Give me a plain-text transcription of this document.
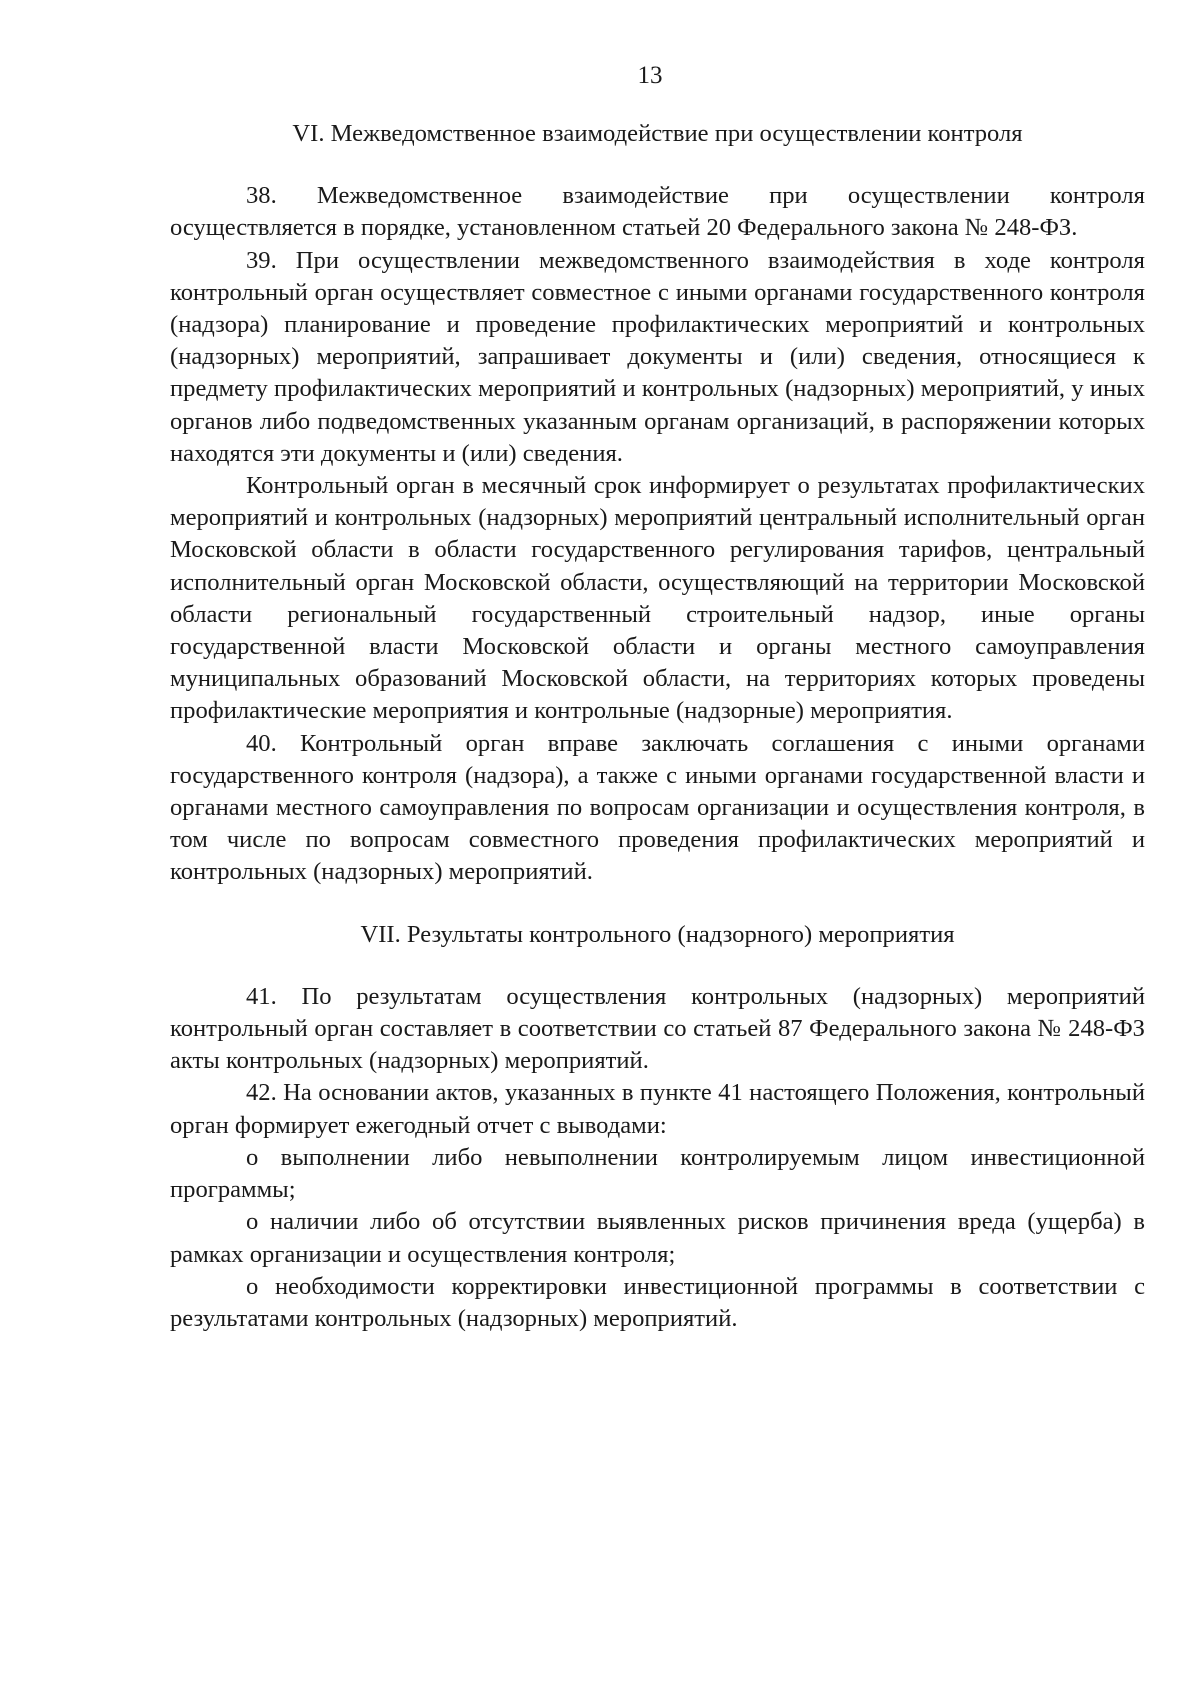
13
VI. Межведомственное взаимодействие при осуществлении контроля

38. Межведомственное взаимодействие при осуществлении контроля осуществляется в порядке, установленном статьей 20 Федерального закона № 248-ФЗ.

39. При осуществлении межведомственного взаимодействия в ходе контроля контрольный орган осуществляет совместное с иными органами государственного контроля (надзора) планирование и проведение профилактических мероприятий и контрольных (надзорных) мероприятий, запрашивает документы и (или) сведения, относящиеся к предмету профилактических мероприятий и контрольных (надзорных) мероприятий, у иных органов либо подведомственных указанным органам организаций, в распоряжении которых находятся эти документы и (или) сведения.

Контрольный орган в месячный срок информирует о результатах профилактических мероприятий и контрольных (надзорных) мероприятий центральный исполнительный орган Московской области в области государственного регулирования тарифов, центральный исполнительный орган Московской области, осуществляющий на территории Московской области региональный государственный строительный надзор, иные органы государственной власти Московской области и органы местного самоуправления муниципальных образований Московской области, на территориях которых проведены профилактические мероприятия и контрольные (надзорные) мероприятия.

40. Контрольный орган вправе заключать соглашения с иными органами государственного контроля (надзора), а также с иными органами государственной власти и органами местного самоуправления по вопросам организации и осуществления контроля, в том числе по вопросам совместного проведения профилактических мероприятий и контрольных (надзорных) мероприятий.

VII. Результаты контрольного (надзорного) мероприятия

41. По результатам осуществления контрольных (надзорных) мероприятий контрольный орган составляет в соответствии со статьей 87 Федерального закона № 248-ФЗ акты контрольных (надзорных) мероприятий.

42. На основании актов, указанных в пункте 41 настоящего Положения, контрольный орган формирует ежегодный отчет с выводами:

о выполнении либо невыполнении контролируемым лицом инвестиционной программы;

о наличии либо об отсутствии выявленных рисков причинения вреда (ущерба) в рамках организации и осуществления контроля;

о необходимости корректировки инвестиционной программы в соответствии с результатами контрольных (надзорных) мероприятий.
